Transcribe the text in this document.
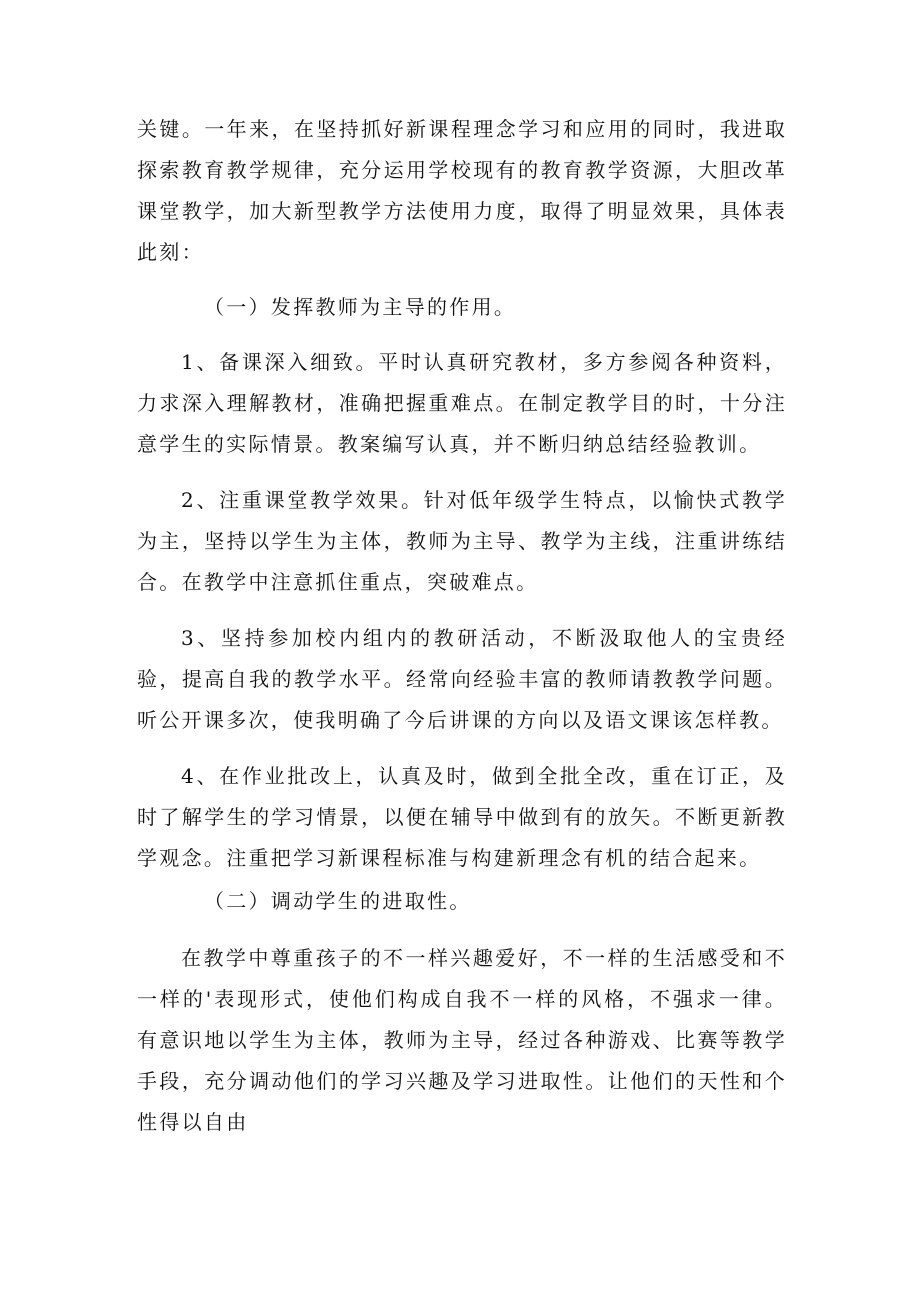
关键。一年来，在坚持抓好新课程理念学习和应用的同时，我进取探索教育教学规律，充分运用学校现有的教育教学资源，大胆改革课堂教学，加大新型教学方法使用力度，取得了明显效果，具体表此刻：

（一）发挥教师为主导的作用。

1、备课深入细致。平时认真研究教材，多方参阅各种资料，力求深入理解教材，准确把握重难点。在制定教学目的时，十分注意学生的实际情景。教案编写认真，并不断归纳总结经验教训。

2、注重课堂教学效果。针对低年级学生特点，以愉快式教学为主，坚持以学生为主体，教师为主导、教学为主线，注重讲练结合。在教学中注意抓住重点，突破难点。

3、坚持参加校内组内的教研活动，不断汲取他人的宝贵经验，提高自我的教学水平。经常向经验丰富的教师请教教学问题。听公开课多次，使我明确了今后讲课的方向以及语文课该怎样教。

4、在作业批改上，认真及时，做到全批全改，重在订正，及时了解学生的学习情景，以便在辅导中做到有的放矢。不断更新教学观念。注重把学习新课程标准与构建新理念有机的结合起来。

（二）调动学生的进取性。

在教学中尊重孩子的不一样兴趣爱好，不一样的生活感受和不一样的'表现形式，使他们构成自我不一样的风格，不强求一律。有意识地以学生为主体，教师为主导，经过各种游戏、比赛等教学手段，充分调动他们的学习兴趣及学习进取性。让他们的天性和个性得以自由
